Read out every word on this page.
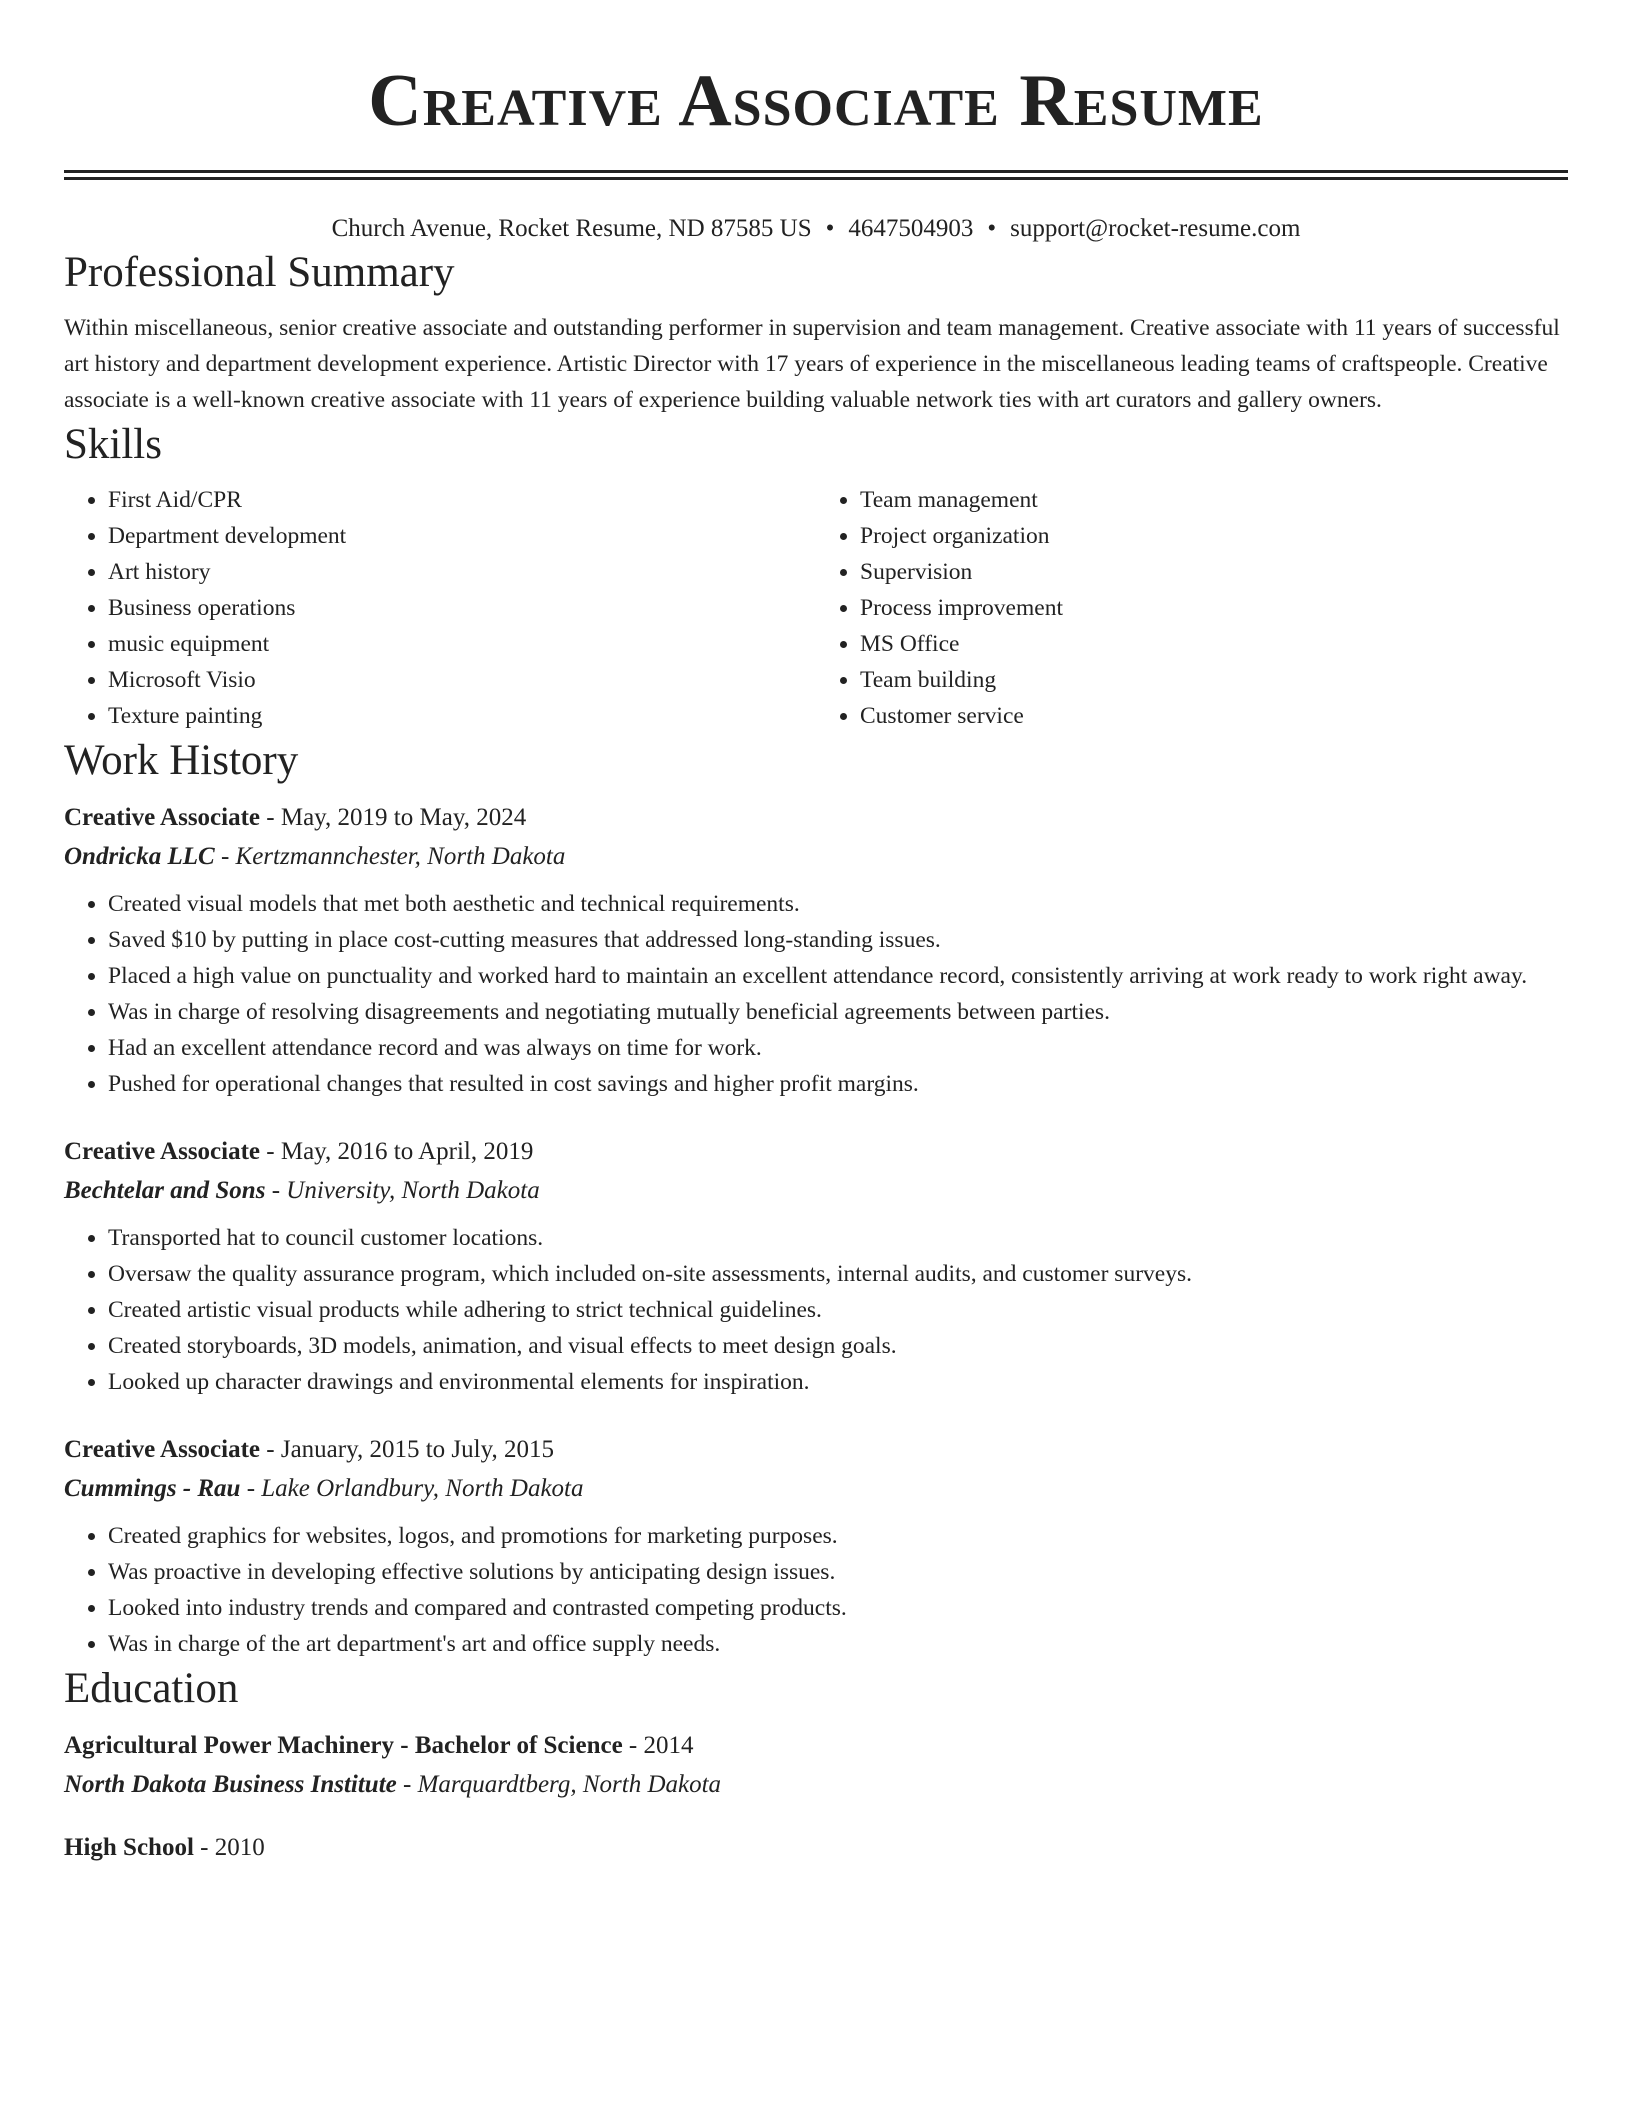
Creative Associate Resume
Church Avenue, Rocket Resume, ND 87585 US • 4647504903 • support@rocket-resume.com
Professional Summary

Within miscellaneous, senior creative associate and outstanding performer in supervision and team management. Creative associate with 11 years of successful art history and department development experience. Artistic Director with 17 years of experience in the miscellaneous leading teams of craftspeople. Creative associate is a well-known creative associate with 11 years of experience building valuable network ties with art curators and gallery owners.

Skills
• First Aid/CPR
• Department development
• Art history
• Business operations
• music equipment
• Microsoft Visio
• Texture painting
• Team management
• Project organization
• Supervision
• Process improvement
• MS Office
• Team building
• Customer service
Work History
Creative Associate - May, 2019 to May, 2024
Ondricka LLC - Kertzmannchester, North Dakota
• Created visual models that met both aesthetic and technical requirements.
• Saved $10 by putting in place cost-cutting measures that addressed long-standing issues.
• Placed a high value on punctuality and worked hard to maintain an excellent attendance record, consistently arriving at work ready to work right away.
• Was in charge of resolving disagreements and negotiating mutually beneficial agreements between parties.
• Had an excellent attendance record and was always on time for work.
• Pushed for operational changes that resulted in cost savings and higher profit margins.
Creative Associate - May, 2016 to April, 2019
Bechtelar and Sons - University, North Dakota
• Transported hat to council customer locations.
• Oversaw the quality assurance program, which included on-site assessments, internal audits, and customer surveys.
• Created artistic visual products while adhering to strict technical guidelines.
• Created storyboards, 3D models, animation, and visual effects to meet design goals.
• Looked up character drawings and environmental elements for inspiration.
Creative Associate - January, 2015 to July, 2015
Cummings - Rau - Lake Orlandbury, North Dakota
• Created graphics for websites, logos, and promotions for marketing purposes.
• Was proactive in developing effective solutions by anticipating design issues.
• Looked into industry trends and compared and contrasted competing products.
• Was in charge of the art department's art and office supply needs.
Education
Agricultural Power Machinery - Bachelor of Science - 2014
North Dakota Business Institute - Marquardtberg, North Dakota
High School - 2010
